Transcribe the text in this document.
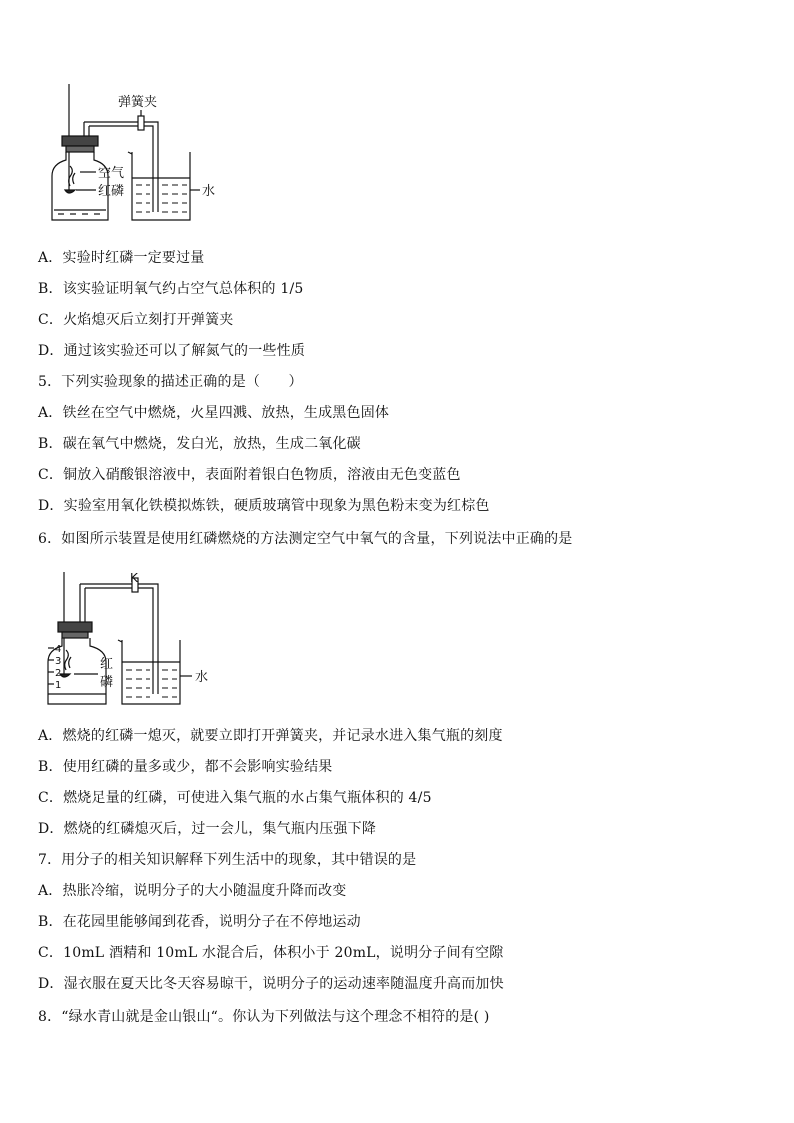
弹簧夹
空气
红磷	水
A．实验时红磷一定要过量
B．该实验证明氧气约占空气总体积的 1/5
C．火焰熄灭后立刻打开弹簧夹
D．通过该实验还可以了解氮气的一些性质
5．下列实验现象的描述正确的是（　　）
A．铁丝在空气中燃烧，火星四溅、放热，生成黑色固体
B．碳在氧气中燃烧，发白光，放热，生成二氧化碳
C．铜放入硝酸银溶液中，表面附着银白色物质，溶液由无色变蓝色
D．实验室用氧化铁模拟炼铁，硬质玻璃管中现象为黑色粉末变为红棕色
6．如图所示装置是使用红磷燃烧的方法测定空气中氧气的含量，下列说法中正确的是
K
4
3
2
1
红
磷	水
A．燃烧的红磷一熄灭，就要立即打开弹簧夹，并记录水进入集气瓶的刻度
B．使用红磷的量多或少，都不会影响实验结果
C．燃烧足量的红磷，可使进入集气瓶的水占集气瓶体积的 4/5
D．燃烧的红磷熄灭后，过一会儿，集气瓶内压强下降
7．用分子的相关知识解释下列生活中的现象，其中错误的是
A．热胀冷缩，说明分子的大小随温度升降而改变
B．在花园里能够闻到花香，说明分子在不停地运动
C．10mL 酒精和 10mL 水混合后，体积小于 20mL，说明分子间有空隙
D．湿衣服在夏天比冬天容易晾干，说明分子的运动速率随温度升高而加快
8．“绿水青山就是金山银山“。你认为下列做法与这个理念不相符的是( )
